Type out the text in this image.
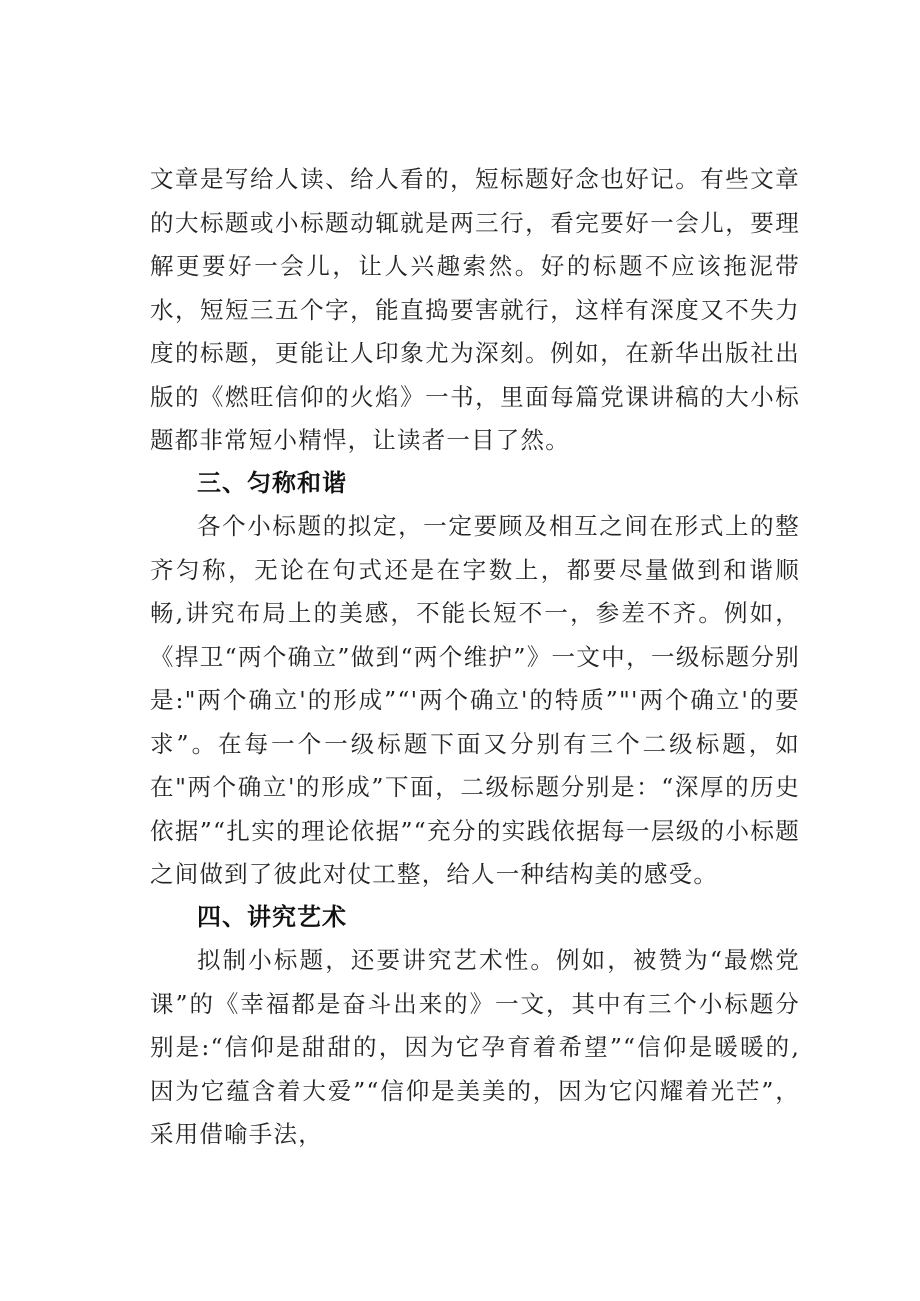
文章是写给人读、给人看的，短标题好念也好记。有些文章的大标题或小标题动辄就是两三行，看完要好一会儿，要理解更要好一会儿，让人兴趣索然。好的标题不应该拖泥带水，短短三五个字，能直捣要害就行，这样有深度又不失力度的标题，更能让人印象尤为深刻。例如，在新华出版社出版的《燃旺信仰的火焰》一书，里面每篇党课讲稿的大小标题都非常短小精悍，让读者一目了然。

三、匀称和谐

各个小标题的拟定，一定要顾及相互之间在形式上的整齐匀称，无论在句式还是在字数上，都要尽量做到和谐顺畅,讲究布局上的美感，不能长短不一，参差不齐。例如，《捍卫“两个确立”做到“两个维护”》一文中，一级标题分别是:"两个确立'的形成”“'两个确立'的特质”"'两个确立'的要求”。在每一个一级标题下面又分别有三个二级标题，如在"两个确立'的形成”下面，二级标题分别是：“深厚的历史依据”“扎实的理论依据”“充分的实践依据每一层级的小标题之间做到了彼此对仗工整，给人一种结构美的感受。

四、讲究艺术

拟制小标题，还要讲究艺术性。例如，被赞为“最燃党课”的《幸福都是奋斗出来的》一文，其中有三个小标题分别是:“信仰是甜甜的，因为它孕育着希望”“信仰是暖暖的,因为它蕴含着大爱”“信仰是美美的，因为它闪耀着光芒”，采用借喻手法，
